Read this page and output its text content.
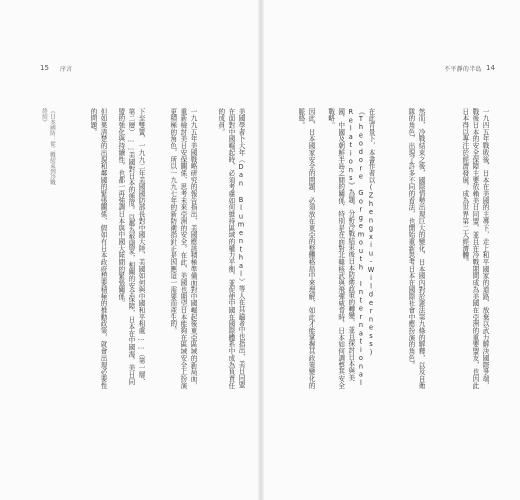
15 序言
《日本國防：從二戰結束到冷戰終結》	但如果清楚的出現和鄰國的緊張關係，假如有日本政府想要積極的推動政策，就會出現必要性的問題。	下至雙簧，一九九二年美國國防部長對中國大陸，美國如何與中國和平相處……（第一層、第二層）……美國對日本的態度。以鄰為壑國家，相關的安全保障，日本在中國海，美日同盟的強化與持續性，也都一再強調日本與中國大陸間的緊張關係。	一九九五年美國戰略研究的報告指出，美國應該積極準備面對中國崛起後東亞區域的新局面，重新檢討美日安保關係，思考未來亞洲的安全。在此，美國也期望日本能夠在區域安全上扮演更積極的角色，所以一九九七年的新防衛指針正是因應這一需要而產生的。	美國學者卜大年（Dan Blumenthal）等人在其論著中也指出，美日同盟在面對中國崛起時，必須考慮如何維持區域的權力平衡，並促使中國在國際體系中成為負責任的成員。

不平靜的半島 14

因此，日本國家安全的問題，必須放在東亞的整體格局中來理解，如此才能掌握其政策變化的脈絡。	在此背景下，本書作者以(Zhengxiu-Wilderness)《Theodore Gorgemouth International Relations》為題，分析冷戰結束後日本防衛政策的轉變，並且探討日本與美國、中國及朝鮮半島之間的關係，特別是在面對北韓核武與飛彈威脅時，日本如何調整其安全戰略。	然而，冷戰結束之後，國際情勢出現巨大的變化，日本國內對於憲法第九條的解釋，以及自衛隊的角色，出現了許多不同的看法，也開始重新思考日本在國際社會中應扮演的角色。	一九四五年戰敗後，日本在美國的主導下，走上和平國家的道路，放棄以武力解決國際爭端，戰後日本的安全保障主要依賴美日同盟，並且在冷戰期間成為美國在亞洲的重要盟友，也因此日本得以專注於經濟發展，成為世界第二大經濟體。
